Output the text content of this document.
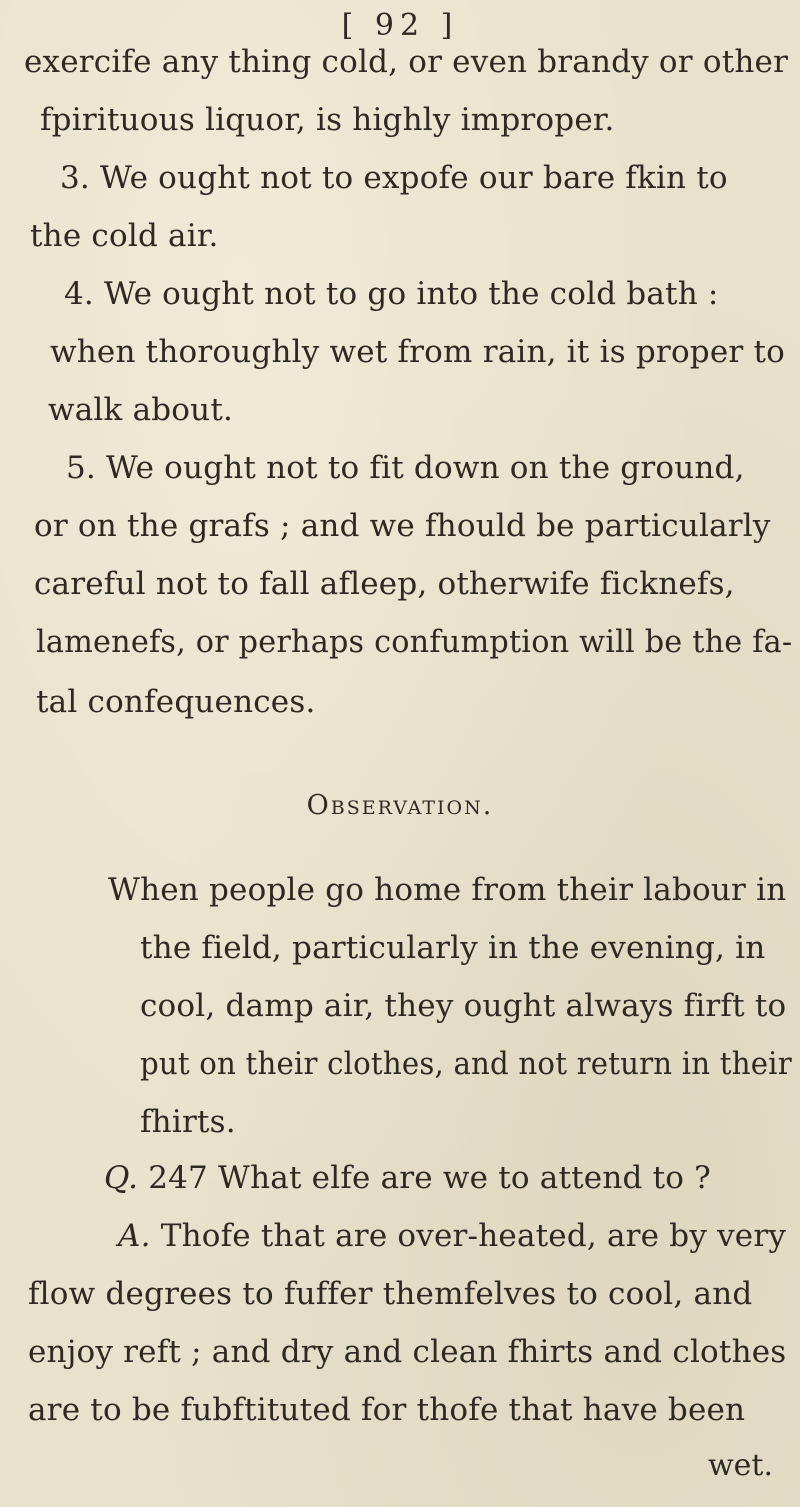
[ 92 ]
exercife any thing cold, or even brandy or other
fpirituous liquor, is highly improper.
3. We ought not to expofe our bare fkin to
the cold air.
4. We ought not to go into the cold bath :
when thoroughly wet from rain, it is proper to
walk about.
5. We ought not to fit down on the ground,
or on the grafs ; and we fhould be particularly
careful not to fall afleep, otherwife ficknefs,
lamenefs, or perhaps confumption will be the fa-
tal confequences.
Observation.
When people go home from their labour in
the field, particularly in the evening, in
cool, damp air, they ought always firft to
put on their clothes, and not return in their
fhirts.
Q. 247 What elfe are we to attend to ?
A. Thofe that are over-heated, are by very
flow degrees to fuffer themfelves to cool, and
enjoy reft ; and dry and clean fhirts and clothes
are to be fubftituted for thofe that have been
wet.
